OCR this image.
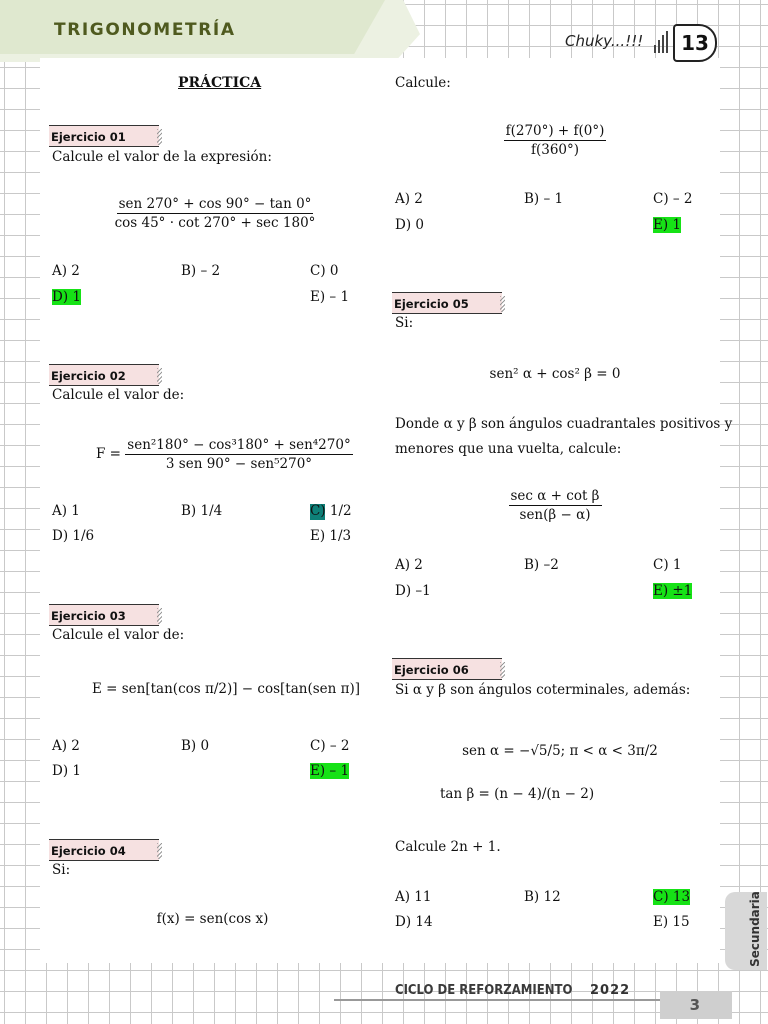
TRIGONOMETRÍA
Chuky...!!!	13
PRÁCTICA
Ejercicio 01
Calcule el valor de la expresión:
$\frac{\text{sen 270° + cos 90° − tan 0°}}{\cos 45^\circ \cdot \cot 270^\circ + \sec 180^\circ}$
A) 2	B) – 2	C) 0
D) 1	E) – 1
Ejercicio 02
Calcule el valor de:
$F = \frac{\text{sen²180° − cos³180° + sen⁴270°}}{\text{3 sen 90° − sen⁵270°}}$
A) 1	B) 1/4	C) 1/2
D) 1/6	E) 1/3
Ejercicio 03
Calcule el valor de:
E = sen[tan(cos π/2)] − cos[tan(sen π)]
A) 2	B) 0	C) – 2
D) 1	E) – 1
Ejercicio 04
Si:
f(x) = sen(cos x)
Calcule:
$\frac{f(270^\circ) + f(0^\circ)}{f(360^\circ)}$
A) 2	B) – 1	C) – 2
D) 0	E) 1
Ejercicio 05
Si:
sen² α + cos² β = 0
Donde α y β son ángulos cuadrantales positivos y
menores que una vuelta, calcule:
$\frac{\text{sec α + cot β}}{\text{sen(β − α)}}$
A) 2	B) –2	C) 1
D) –1	E) ±1
Ejercicio 06
Si α y β son ángulos coterminales, además:
sen α = −√5/5; π < α < 3π/2
tan β = (n − 4)/(n − 2)
Calcule 2n + 1.
A) 11	B) 12	C) 13
D) 14	E) 15	Secundaria
CICLO DE REFORZAMIENTO 2022
3
